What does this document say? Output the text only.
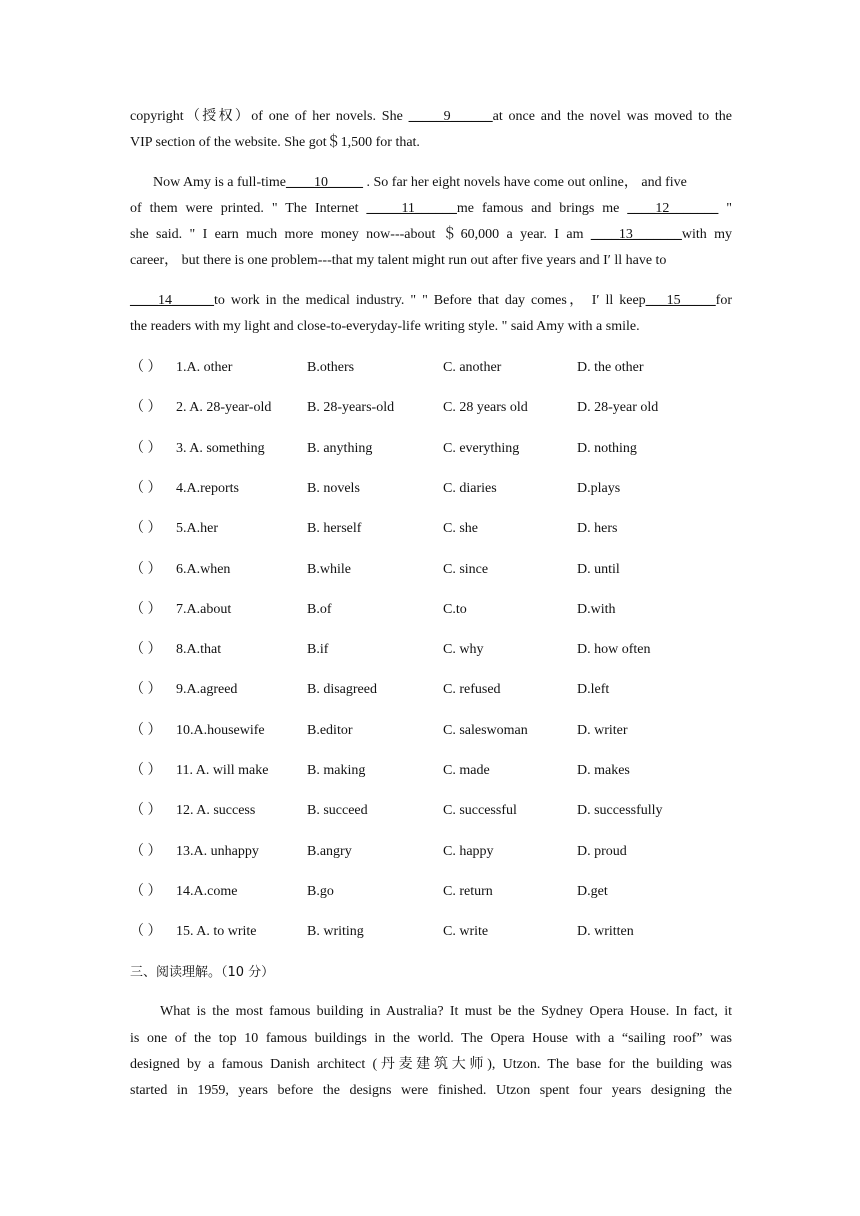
copyright（授权）of one of her novels. She _____9______at once and the novel was moved to the
VIP section of the website. She got＄1,500 for that.
Now Amy is a full-time____10_____ . So far her eight novels have come out online， and five
of them were printed. " The Internet _____11______me famous and brings me ____12_______ "
she said. " I earn much more money now---about ＄60,000 a year. I am ____13_______with my
career， but there is one problem---that my talent might run out after five years and I′ ll have to
____14______to work in the medical industry. " " Before that day comes， I′ ll keep___15_____for
the readers with my light and close-to-everyday-life writing style. " said Amy with a smile.
（ ） 1.A. other	B.others	C. another	D. the other
（ ） 2. A. 28-year-old	B. 28-years-old	C. 28 years old	D. 28-year old
（ ） 3. A. something	B. anything	C. everything	D. nothing
（ ） 4.A.reports	B. novels	C. diaries	D.plays
（ ） 5.A.her	B. herself	C. she	D. hers
（ ） 6.A.when	B.while	C. since	D. until
（ ） 7.A.about	B.of	C.to	D.with
（ ） 8.A.that	B.if	C. why	D. how often
（ ） 9.A.agreed	B. disagreed	C. refused	D.left
（ ） 10.A.housewife	B.editor	C. saleswoman	D. writer
（ ） 11. A. will make	B. making	C. made	D. makes
（ ） 12. A. success	B. succeed	C. successful	D. successfully
（ ） 13.A. unhappy	B.angry	C. happy	D. proud
（ ） 14.A.come	B.go	C. return	D.get
（ ） 15. A. to write	B. writing	C. write	D. written
三、阅读理解。（10 分）
What is the most famous building in Australia? It must be the Sydney Opera House. In fact, it
is one of the top 10 famous buildings in the world. The Opera House with a “sailing roof” was
designed by a famous Danish architect (丹麦建筑大师), Utzon. The base for the building was
started in 1959, years before the designs were finished. Utzon spent four years designing the
